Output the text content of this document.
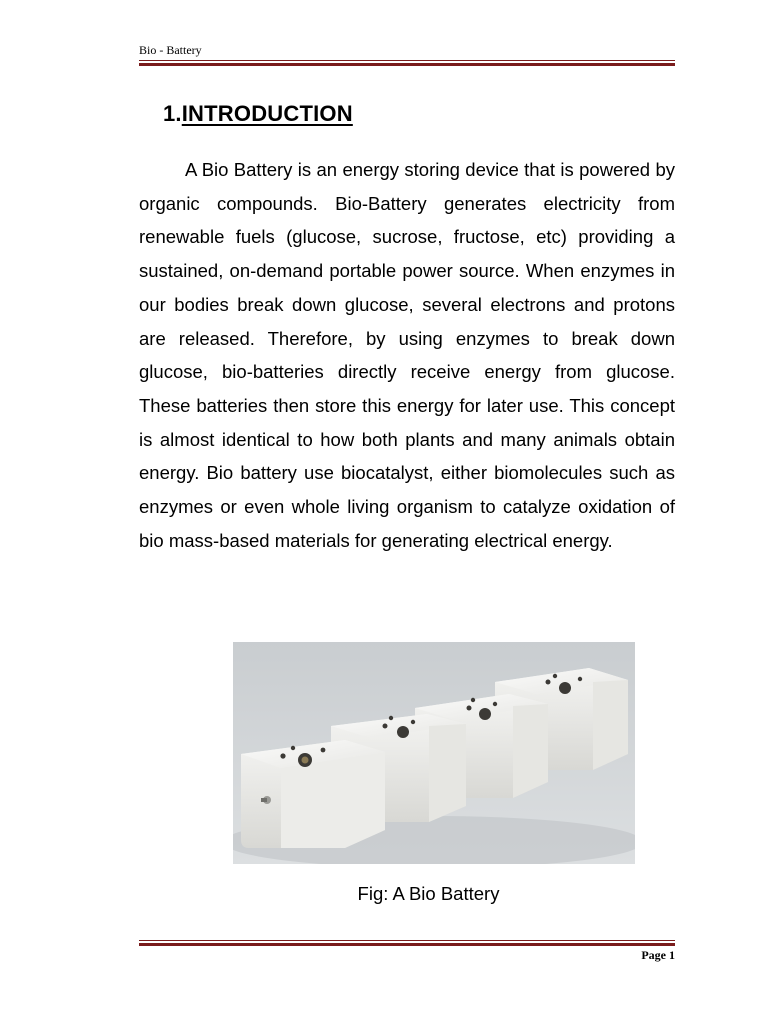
Bio - Battery
1.INTRODUCTION

A Bio Battery is an energy storing device that is powered by organic compounds. Bio-Battery generates electricity from renewable fuels (glucose, sucrose, fructose, etc) providing a sustained, on-demand portable power source. When enzymes in our bodies break down glucose, several electrons and protons are released. Therefore, by using enzymes to break down glucose, bio-batteries directly receive energy from glucose. These batteries then store this energy for later use. This concept is almost identical to how both plants and many animals obtain energy. Bio battery use biocatalyst, either biomolecules such as enzymes or even whole living organism to catalyze oxidation of bio mass-based materials for generating electrical energy.

Fig: A Bio Battery
Page 1
